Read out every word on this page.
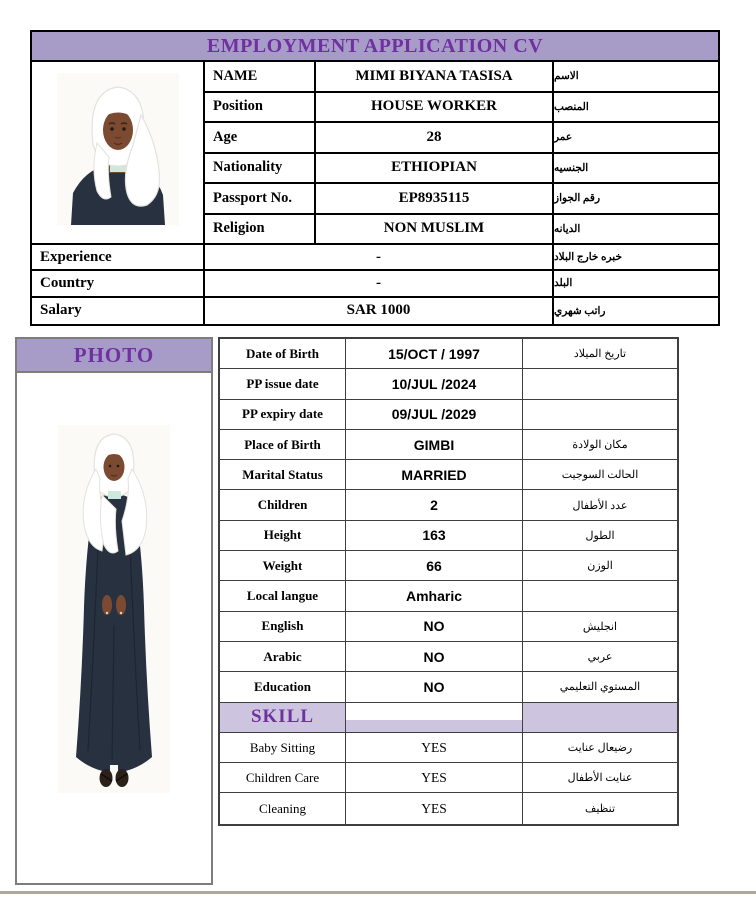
EMPLOYMENT APPLICATION CV
NAME	MIMI BIYANA TASISA	الاسم
Position	HOUSE WORKER	المنصب
Age	28	عمر
Nationality	ETHIOPIAN	الجنسيه
Passport No.	EP8935115	رقم الجواز
Religion	NON MUSLIM	الديانه
Experience	-	خبره خارج البلاد
Country	-	البلد
Salary	SAR 1000	راتب شهري
PHOTO	Date of Birth	15/OCT / 1997	تاريخ الميلاد
PP issue date	10/JUL /2024
PP expiry date	09/JUL /2029
Place of Birth	GIMBI	مكان الولادة
Marital Status	MARRIED	الحالت السوجيت
Children	2	عدد الأطفال
Height	163	الطول
Weight	66	الوزن
Local langue	Amharic
English	NO	انجليش
Arabic	NO	عربي
Education	NO	المستوي التعليمي
SKILL
Baby Sitting	YES	رضيعال عنايت
Children Care	YES	عنايت الأطفال
Cleaning	YES	تنظيف
